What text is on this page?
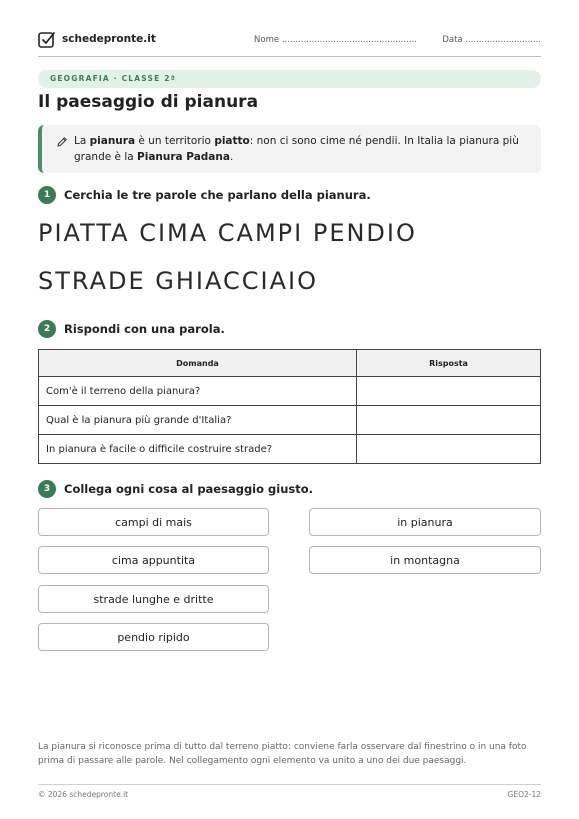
schedepronte.it	Nome ..................................................	Data ............................
GEOGRAFIA · CLASSE 2ª
Il paesaggio di pianura
La pianura è un territorio piatto: non ci sono cime né pendii. In Italia la pianura più grande è la Pianura Padana.
1	Cerchia le tre parole che parlano della pianura.
PIATTA CIMA CAMPI PENDIO
STRADE GHIACCIAIO
2	Rispondi con una parola.
Domanda	Risposta
Com'è il terreno della pianura?	
Qual è la pianura più grande d'Italia?	
In pianura è facile o difficile costruire strade?	
3	Collega ogni cosa al paesaggio giusto.
campi di mais
cima appuntita
strade lunghe e dritte
pendio ripido
in pianura
in montagna
La pianura si riconosce prima di tutto dal terreno piatto: conviene farla osservare dal finestrino o in una foto prima di passare alle parole. Nel collegamento ogni elemento va unito a uno dei due paesaggi.
© 2026 schedepronte.it	GEO2-12
